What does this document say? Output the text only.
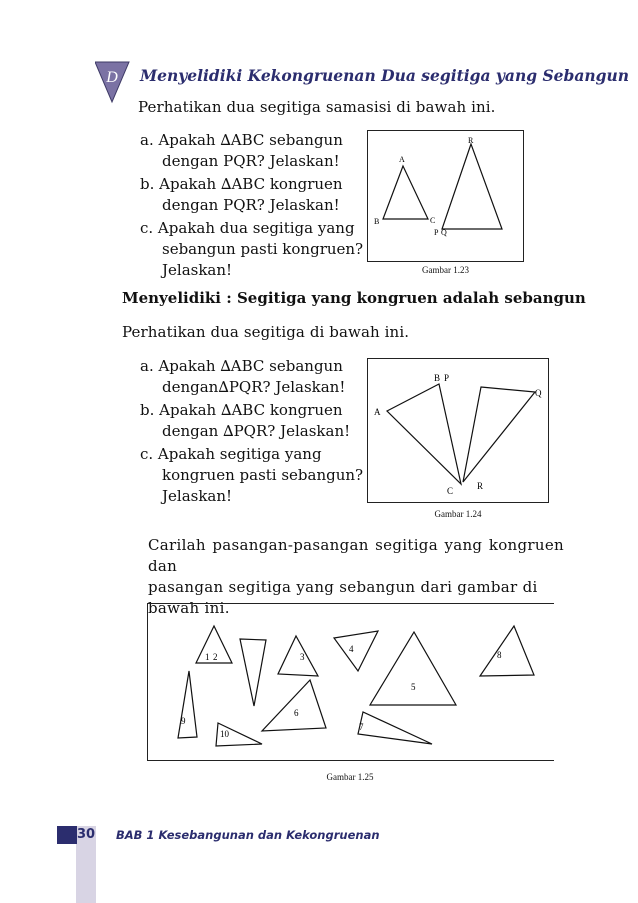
D Menyelidiki Kekongruenan Dua segitiga yang Sebangun
Perhatikan dua segitiga samasisi di bawah ini.
a. Apakah ∆ABC sebangun
dengan PQR? Jelaskan!
b. Apakah ∆ABC kongruen
dengan PQR? Jelaskan!
c. Apakah dua segitiga yang
sebangun pasti kongruen?
Jelaskan!
A
B	C
R
P Q
Gambar 1.23
Menyelidiki : Segitiga yang kongruen adalah sebangun
Perhatikan dua segitiga di bawah ini.
a. Apakah ∆ABC sebangun
dengan∆PQR? Jelaskan!
b. Apakah ∆ABC kongruen
dengan ∆PQR? Jelaskan!
c. Apakah segitiga yang
kongruen pasti sebangun?
Jelaskan!
A
B P
Q
C	R
Gambar 1.24
Carilah pasangan-pasangan segitiga yang kongruen dan
pasangan segitiga yang sebangun dari gambar di bawah ini.
1 2	3
4
5
6
7
8
9
10
Gambar 1.25
30 BAB 1 Kesebangunan dan Kekongruenan
